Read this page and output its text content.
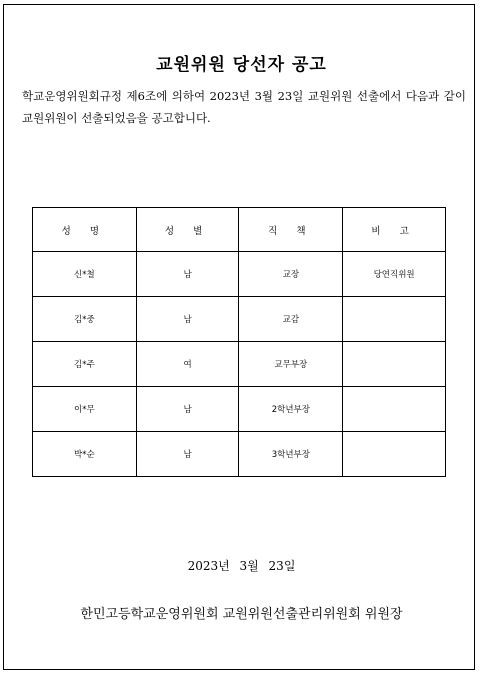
교원위원 당선자 공고
학교운영위원회규정 제6조에 의하여 2023년 3월 23일 교원위원 선출에서 다음과 같이 교원위원이 선출되었음을 공고합니다.
성 명	성 별	직 책	비 고
신*철	남	교장	당연직위원
김*중	남	교감	
김*주	여	교무부장	
이*무	남	2학년부장	
박*순	남	3학년부장	
2023년 3월 23일
한민고등학교운영위원회 교원위원선출관리위원회 위원장
